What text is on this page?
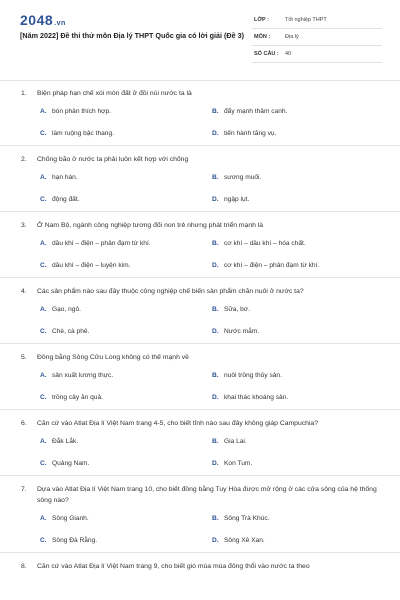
2048.vn
[Năm 2022] Đề thi thử môn Địa lý THPT Quốc gia có lời giải (Đề 3)
LỚP :	Tốt nghiệp THPT
MÔN :	Địa lý
SỐ CÂU : 40
1. Biện pháp hạn chế xói mòn đất ở đồi núi nước ta là
A. bón phân thích hợp.	B. đẩy mạnh thâm canh.
C. làm ruộng bậc thang.	D. tiến hành tăng vụ.
2. Chống bão ở nước ta phải luôn kết hợp với chống
A. hạn hán.	B. sương muối.
C. động đất.	D. ngập lụt.
3. Ở Nam Bộ, ngành công nghiệp tương đối non trẻ nhưng phát triển mạnh là
A. dầu khí – điện – phân đạm từ khí.	B. cơ khí – dầu khí – hóa chất.
C. dầu khí – điện – luyện kim.	D. cơ khí – điện – phân đạm từ khí.
4. Các sản phẩm nào sau đây thuộc công nghiệp chế biến sản phẩm chăn nuôi ở nước ta?
A. Gạo, ngô.	B. Sữa, bơ.
C. Chè, cà phê.	D. Nước mắm.
5. Đồng bằng Sông Cửu Long không có thế mạnh về
A. sản xuất lương thực.	B. nuôi trồng thủy sản.
C. trồng cây ăn quả.	D. khai thác khoáng sản.
6. Căn cứ vào Atlat Địa lí Việt Nam trang 4-5, cho biết tỉnh nào sau đây không giáp Campuchia?
A. Đắk Lắk.	B. Gia Lai.
C. Quảng Nam.	D. Kon Tum.
7. Dựa vào Atlat Địa lí Việt Nam trang 10, cho biết đồng bằng Tuy Hòa được mở rộng ở các cửa sông của hệ thống sông nào?
A. Sông Gianh.	B. Sông Trà Khúc.
C. Sông Đà Rằng.	D. Sông Xê Xan.
8. Căn cứ vào Atlat Địa lí Việt Nam trang 9, cho biết gió mùa mùa đông thổi vào nước ta theo
